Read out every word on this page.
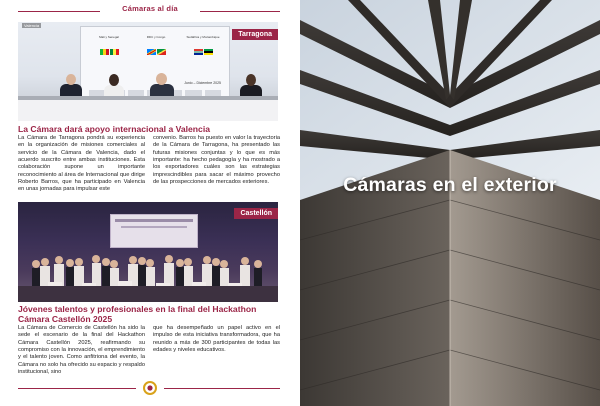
Cámaras al día
Mali y Senegal	RDC y Congo	Sudáfrica y Mozambique
Junio – Diciembre 2025
Valencia
Tarragona
La Cámara dará apoyo internacional a Valencia
La Cámara de Tarragona pondrá su experiencia en la organización de misiones comerciales al servicio de la Cámara de Valencia, dado el acuerdo suscrito entre ambas instituciones. Esta colaboración supone un importante reconocimiento al área de Internacional que dirige Roberto Barros, que ha participado en Valencia en unas jornadas para impulsar este
convenio. Barros ha puesto en valor la trayectoria de la Cámara de Tarragona, ha presentado las futuras misiones conjuntas y lo que es más importante: ha hecho pedagogía y ha mostrado a los exportadores cuáles son las estrategias imprescindibles para sacar el máximo provecho de las prospecciones de mercados exteriores.
Castellón
Jóvenes talentos y profesionales en la final del Hackathon Cámara Castellón 2025
La Cámara de Comercio de Castellón ha sido la sede el escenario de la final del Hackathon Cámara Castellón 2025, reafirmando su compromiso con la innovación, el emprendimiento y el talento joven. Como anfitriona del evento, la Cámara no solo ha ofrecido su espacio y respaldo institucional, sino
que ha desempeñado un papel activo en el impulso de esta iniciativa transformadora, que ha reunido a más de 300 participantes de todas las edades y niveles educativos.
Cámaras en el exterior
